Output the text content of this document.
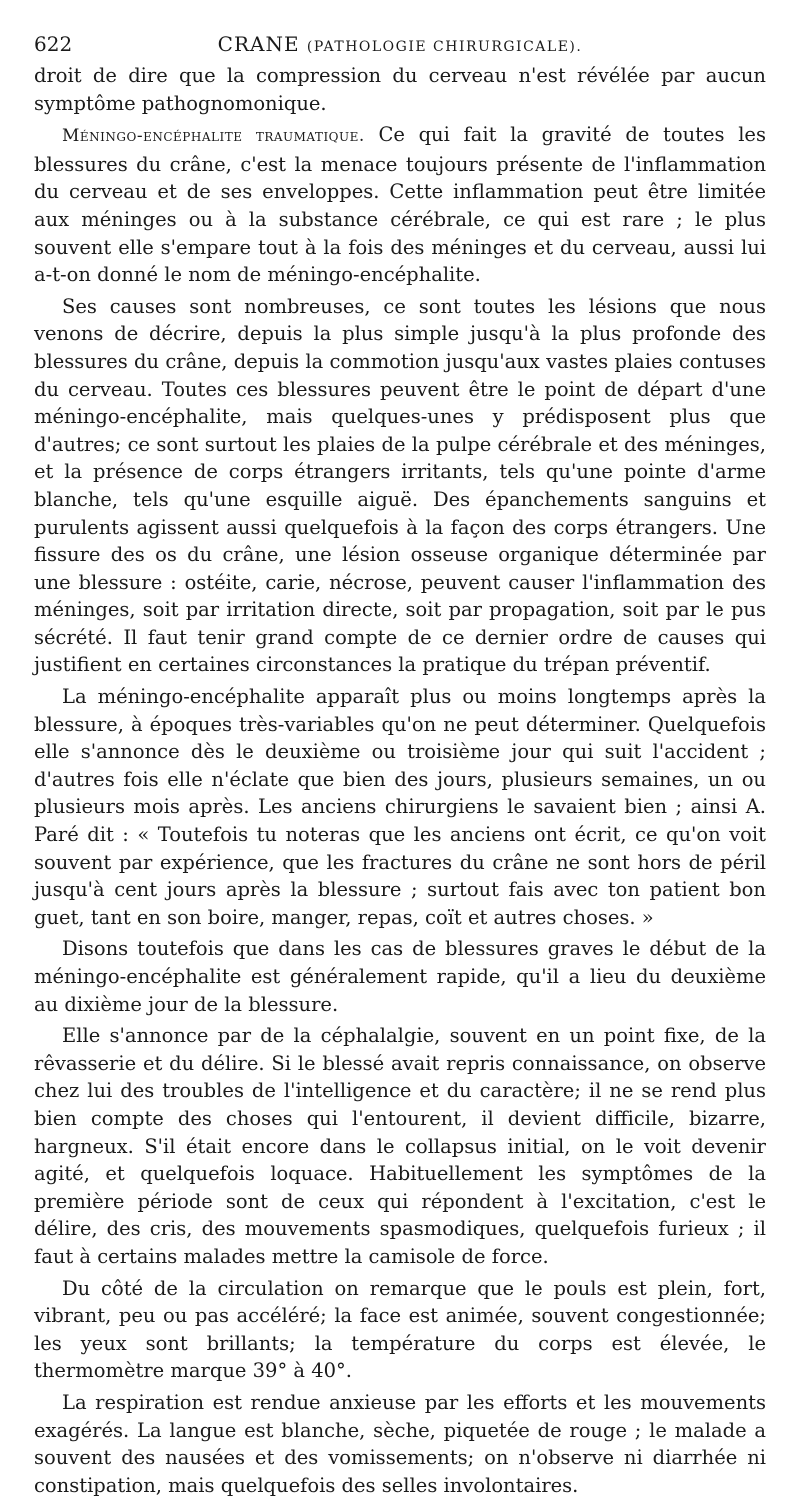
622	CRANE (PATHOLOGIE CHIRURGICALE).

droit de dire que la compression du cerveau n'est révélée par aucun symptôme pathognomonique.

Méningo-encéphalite traumatique. Ce qui fait la gravité de toutes les blessures du crâne, c'est la menace toujours présente de l'inflammation du cerveau et de ses enveloppes. Cette inflammation peut être limitée aux méninges ou à la substance cérébrale, ce qui est rare ; le plus souvent elle s'empare tout à la fois des méninges et du cerveau, aussi lui a-t-on donné le nom de méningo-encéphalite.

Ses causes sont nombreuses, ce sont toutes les lésions que nous venons de décrire, depuis la plus simple jusqu'à la plus profonde des blessures du crâne, depuis la commotion jusqu'aux vastes plaies contuses du cerveau. Toutes ces blessures peuvent être le point de départ d'une méningo-encéphalite, mais quelques-unes y prédisposent plus que d'autres; ce sont surtout les plaies de la pulpe cérébrale et des méninges, et la présence de corps étrangers irritants, tels qu'une pointe d'arme blanche, tels qu'une esquille aiguë. Des épanchements sanguins et purulents agissent aussi quelquefois à la façon des corps étrangers. Une fissure des os du crâne, une lésion osseuse organique déterminée par une blessure : ostéite, carie, nécrose, peuvent causer l'inflammation des méninges, soit par irritation directe, soit par propagation, soit par le pus sécrété. Il faut tenir grand compte de ce dernier ordre de causes qui justifient en certaines circonstances la pratique du trépan préventif.

La méningo-encéphalite apparaît plus ou moins longtemps après la blessure, à époques très-variables qu'on ne peut déterminer. Quelquefois elle s'annonce dès le deuxième ou troisième jour qui suit l'accident ; d'autres fois elle n'éclate que bien des jours, plusieurs semaines, un ou plusieurs mois après. Les anciens chirurgiens le savaient bien ; ainsi A. Paré dit : « Toutefois tu noteras que les anciens ont écrit, ce qu'on voit souvent par expérience, que les fractures du crâne ne sont hors de péril jusqu'à cent jours après la blessure ; surtout fais avec ton patient bon guet, tant en son boire, manger, repas, coït et autres choses. »

Disons toutefois que dans les cas de blessures graves le début de la méningo-encéphalite est généralement rapide, qu'il a lieu du deuxième au dixième jour de la blessure.

Elle s'annonce par de la céphalalgie, souvent en un point fixe, de la rêvasserie et du délire. Si le blessé avait repris connaissance, on observe chez lui des troubles de l'intelligence et du caractère; il ne se rend plus bien compte des choses qui l'entourent, il devient difficile, bizarre, hargneux. S'il était encore dans le collapsus initial, on le voit devenir agité, et quelquefois loquace. Habituellement les symptômes de la première période sont de ceux qui répondent à l'excitation, c'est le délire, des cris, des mouvements spasmodiques, quelquefois furieux ; il faut à certains malades mettre la camisole de force.

Du côté de la circulation on remarque que le pouls est plein, fort, vibrant, peu ou pas accéléré; la face est animée, souvent congestionnée; les yeux sont brillants; la température du corps est élevée, le thermomètre marque 39° à 40°.

La respiration est rendue anxieuse par les efforts et les mouvements exagérés. La langue est blanche, sèche, piquetée de rouge ; le malade a souvent des nausées et des vomissements; on n'observe ni diarrhée ni constipation, mais quelquefois des selles involontaires.
